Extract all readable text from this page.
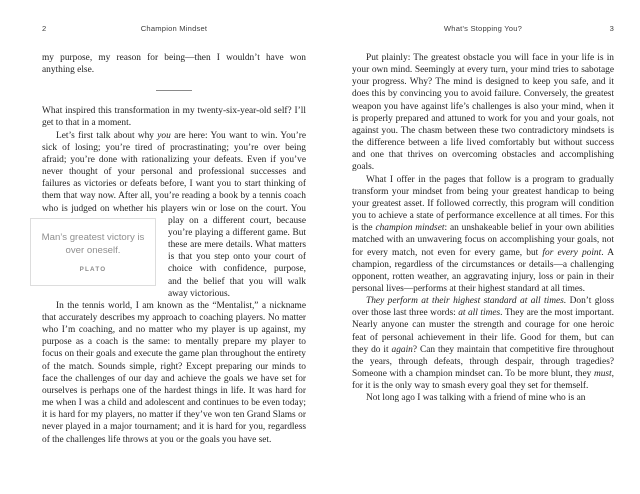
2	Champion Mindset

my purpose, my reason for being—then I wouldn’t have won anything else.

What inspired this transformation in my twenty-six-year-old self? I’ll get to that in a moment.

Let’s first talk about why you are here: You want to win. You’re sick of losing; you’re tired of procrastinating; you’re over being afraid; you’re done with rationalizing your defeats. Even if you’ve never thought of your personal and professional successes and failures as victories or defeats before, I want you to start thinking of them that way now. After all, you’re reading a book by a tennis coach who is judged on whether his players win or lose on the court. You play on a different court, because
Man’s greatest victory is over oneself.
PLATO
you’re playing a different game. But these are mere details. What matters is that you step onto your court of choice with confidence, purpose, and the belief that you will walk away victorious.

In the tennis world, I am known as the “Mentalist,” a nickname that accurately describes my approach to coaching players. No matter who I’m coaching, and no matter who my player is up against, my purpose as a coach is the same: to mentally prepare my player to focus on their goals and execute the game plan throughout the entirety of the match. Sounds simple, right? Except preparing our minds to face the challenges of our day and achieve the goals we have set for ourselves is perhaps one of the hardest things in life. It was hard for me when I was a child and adolescent and continues to be even today; it is hard for my players, no matter if they’ve won ten Grand Slams or never played in a major tournament; and it is hard for you, regardless of the challenges life throws at you or the goals you have set.

What’s Stopping You?	3

Put plainly: The greatest obstacle you will face in your life is in your own mind. Seemingly at every turn, your mind tries to sabotage your progress. Why? The mind is designed to keep you safe, and it does this by convincing you to avoid failure. Conversely, the greatest weapon you have against life’s challenges is also your mind, when it is properly prepared and attuned to work for you and your goals, not against you. The chasm between these two contradictory mindsets is the difference between a life lived comfortably but without success and one that thrives on overcoming obstacles and accomplishing goals.

What I offer in the pages that follow is a program to gradually transform your mindset from being your greatest handicap to being your greatest asset. If followed correctly, this program will condition you to achieve a state of performance excellence at all times. For this is the champion mindset: an unshakeable belief in your own abilities matched with an unwavering focus on accomplishing your goals, not for every match, not even for every game, but for every point. A champion, regardless of the circumstances or details—a challenging opponent, rotten weather, an aggravating injury, loss or pain in their personal lives—performs at their highest standard at all times.

They perform at their highest standard at all times. Don’t gloss over those last three words: at all times. They are the most important. Nearly anyone can muster the strength and courage for one heroic feat of personal achievement in their life. Good for them, but can they do it again? Can they maintain that competitive fire throughout the years, through defeats, through despair, through tragedies? Someone with a champion mindset can. To be more blunt, they must, for it is the only way to smash every goal they set for themself.

Not long ago I was talking with a friend of mine who is an
